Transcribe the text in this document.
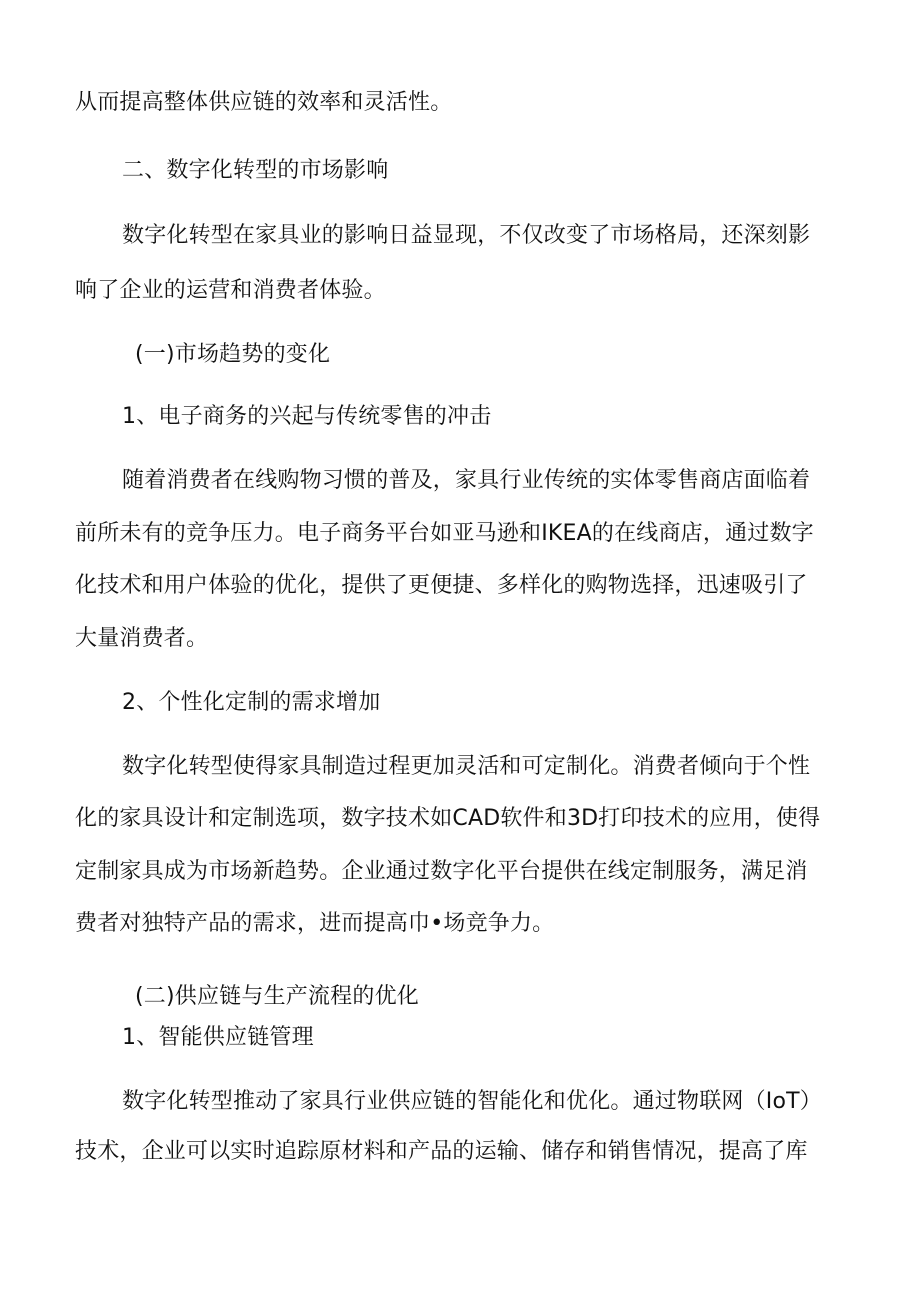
从而提高整体供应链的效率和灵活性。
二、数字化转型的市场影响
数字化转型在家具业的影响日益显现，不仅改变了市场格局，还深刻影
响了企业的运营和消费者体验。
(一)市场趋势的变化
1、电子商务的兴起与传统零售的冲击
随着消费者在线购物习惯的普及，家具行业传统的实体零售商店面临着
前所未有的竞争压力。电子商务平台如亚马逊和IKEA的在线商店，通过数字
化技术和用户体验的优化，提供了更便捷、多样化的购物选择，迅速吸引了
大量消费者。
2、个性化定制的需求增加
数字化转型使得家具制造过程更加灵活和可定制化。消费者倾向于个性
化的家具设计和定制选项，数字技术如CAD软件和3D打印技术的应用，使得
定制家具成为市场新趋势。企业通过数字化平台提供在线定制服务，满足消
费者对独特产品的需求，进而提高巾•场竞争力。
(二)供应链与生产流程的优化
1、智能供应链管理
数字化转型推动了家具行业供应链的智能化和优化。通过物联网（IoT）
技术，企业可以实时追踪原材料和产品的运输、储存和销售情况，提高了库
